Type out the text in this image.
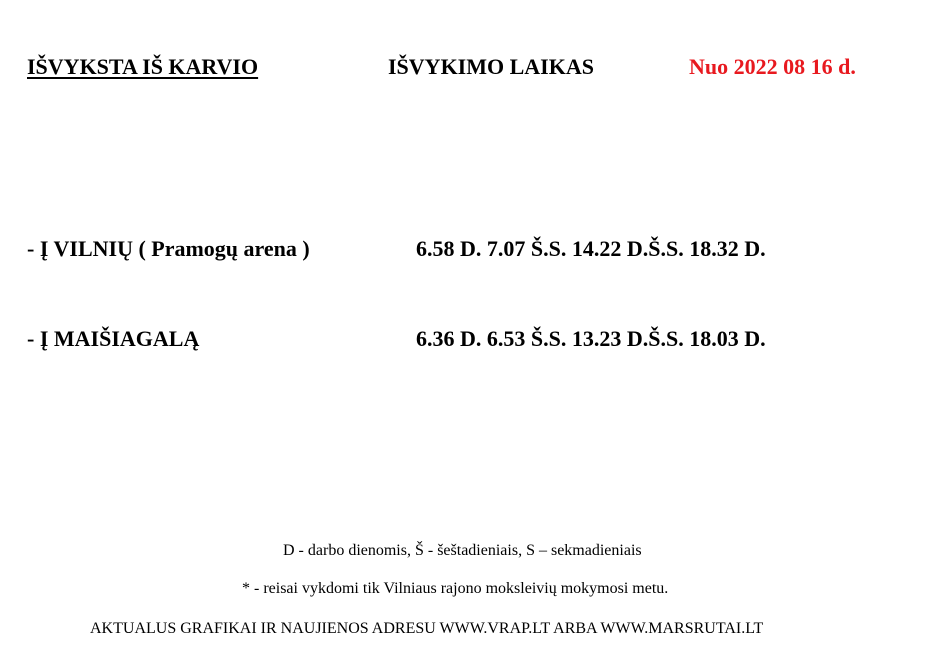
IŠVYKSTA IŠ KARVIO	IŠVYKIMO LAIKAS	Nuo 2022 08 16 d.
- Į VILNIŲ ( Pramogų arena )	6.58 D. 7.07 Š.S. 14.22 D.Š.S. 18.32 D.
- Į MAIŠIAGALĄ	6.36 D. 6.53 Š.S. 13.23 D.Š.S. 18.03 D.
D - darbo dienomis, Š - šeštadieniais, S – sekmadieniais
* - reisai vykdomi tik Vilniaus rajono moksleivių mokymosi metu.
AKTUALUS GRAFIKAI IR NAUJIENOS ADRESU WWW.VRAP.LT ARBA WWW.MARSRUTAI.LT
